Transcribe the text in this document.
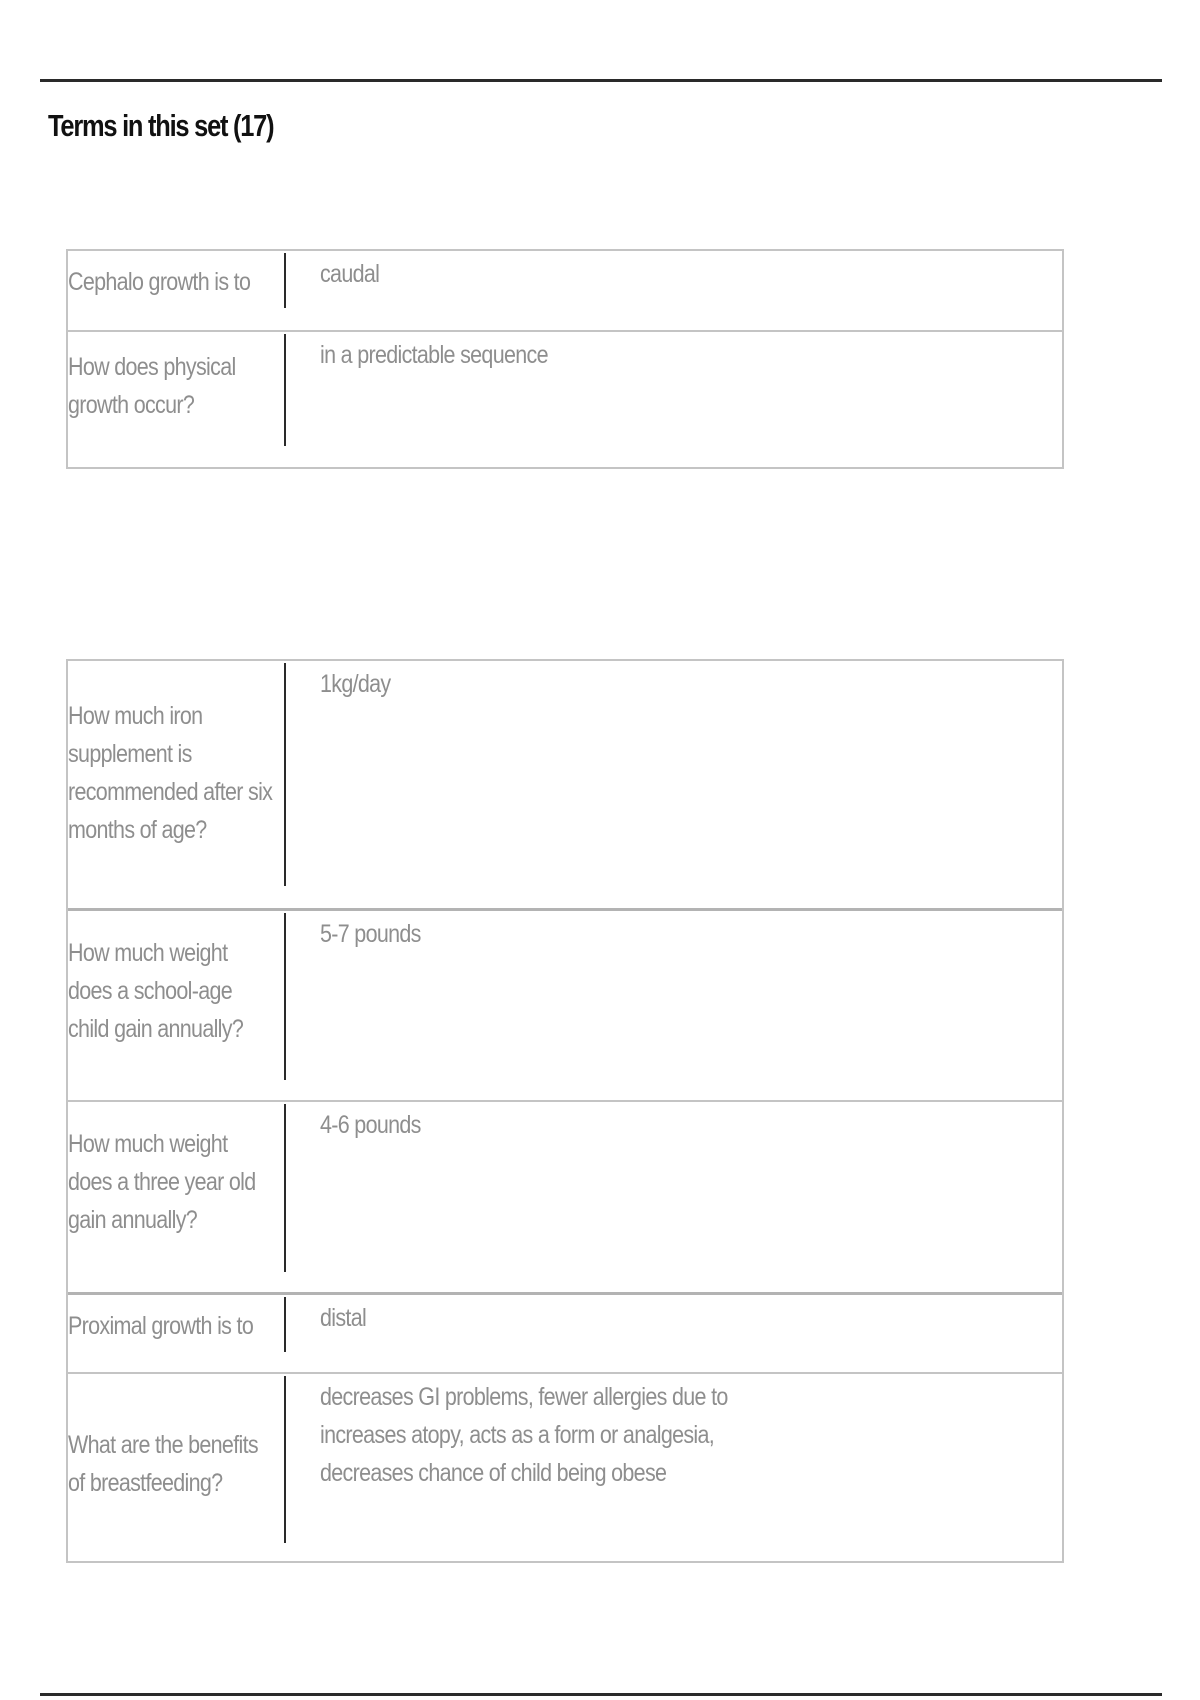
Terms in this set (17)
Cephalo growth is to	caudal
How does physical growth occur?
in a predictable sequence
How much iron supplement is recommended after six months of age?
1kg/day
How much weight does a school-age child gain annually?
5-7 pounds
How much weight does a three year old gain annually?
4-6 pounds
Proximal growth is to	distal
What are the benefits of breastfeeding?
decreases GI problems, fewer allergies due to increases atopy, acts as a form or analgesia, decreases chance of child being obese
